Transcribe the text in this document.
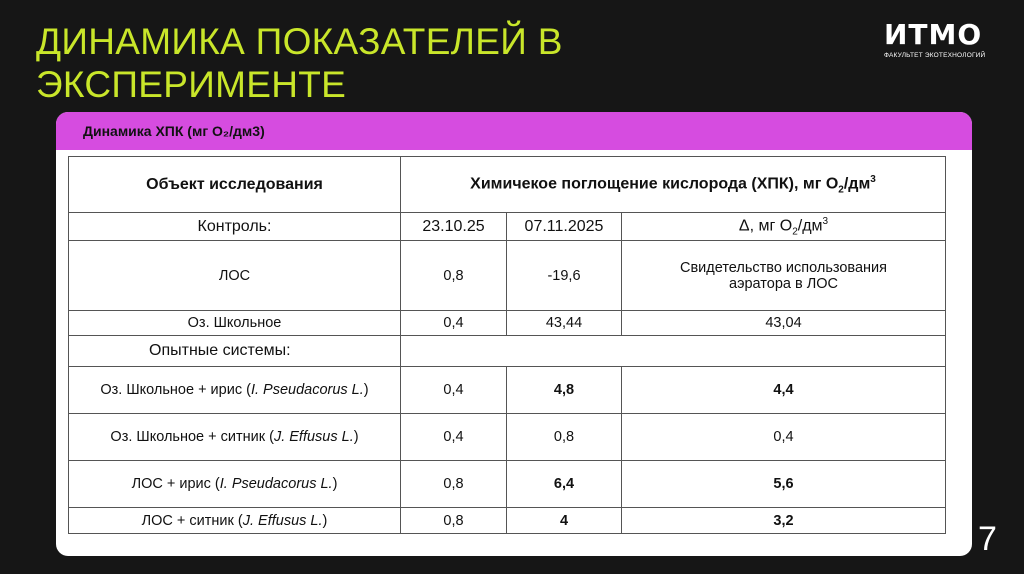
ДИНАМИКА ПОКАЗАТЕЛЕЙ В
ЭКСПЕРИМЕНТЕ
ИТМО
ФАКУЛЬТЕТ ЭКОТЕХНОЛОГИЙ
Динамика ХПК (мг O₂/дм3)
Объект исследования	Химичекое поглощение кислорода (ХПК), мг $О_2/дм^3$
Контроль:	23.10.25	07.11.2025	Δ, мг $О_2/дм^3$
ЛОС	0,8	-19,6	Свидетельство использования аэратора в ЛОС
Оз. Школьное	0,4	43,44	43,04
Опытные системы:			
Оз. Школьное + ирис (I. Pseudacorus L.)	0,4	4,8	4,4
Оз. Школьное + ситник (J. Effusus L.)	0,4	0,8	0,4
ЛОС + ирис (I. Pseudacorus L.)	0,8	6,4	5,6
ЛОС + ситник (J. Effusus L.)	0,8	4	3,2	7
